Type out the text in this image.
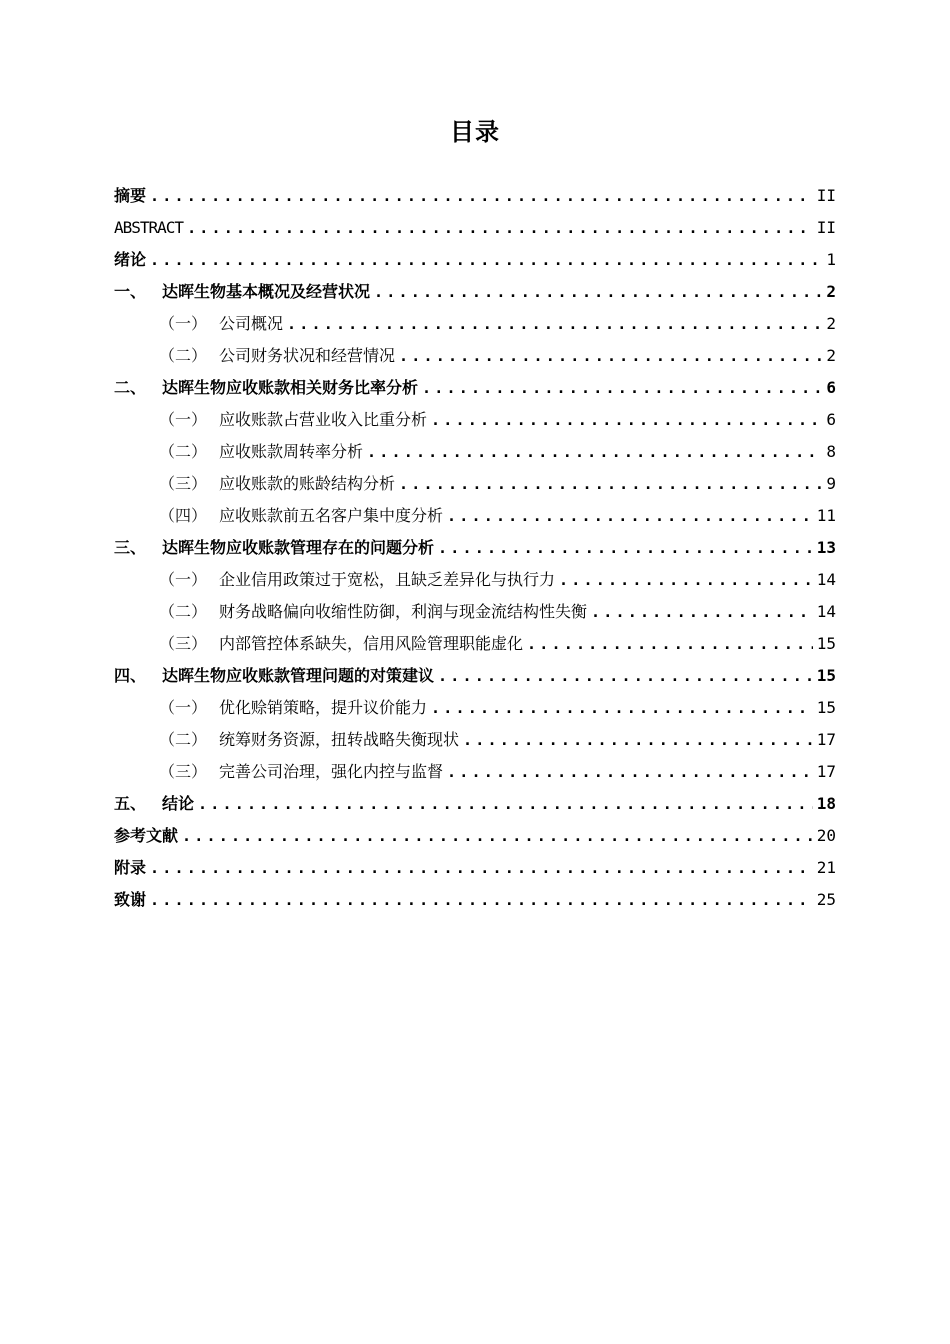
目录
摘要 .....	II
ABSTRACT .....	II
绪论 .....	1
一、 达晖生物基本概况及经营状况 .....	2
（一） 公司概况 .....	2
（二） 公司财务状况和经营情况 .....	2
二、 达晖生物应收账款相关财务比率分析 .....	6
（一） 应收账款占营业收入比重分析 .....	6
（二） 应收账款周转率分析 .....	8
（三） 应收账款的账龄结构分析 .....	9
（四） 应收账款前五名客户集中度分析 .....	11
三、 达晖生物应收账款管理存在的问题分析 .....	13
（一） 企业信用政策过于宽松，且缺乏差异化与执行力 .....	14
（二） 财务战略偏向收缩性防御，利润与现金流结构性失衡 .....	14
（三） 内部管控体系缺失，信用风险管理职能虚化 .....	15
四、 达晖生物应收账款管理问题的对策建议 .....	15
（一） 优化赊销策略，提升议价能力 .....	15
（二） 统筹财务资源，扭转战略失衡现状 .....	17
（三） 完善公司治理，强化内控与监督 .....	17
五、 结论 .....	18
参考文献 .....	20
附录 .....	21
致谢 .....	25
